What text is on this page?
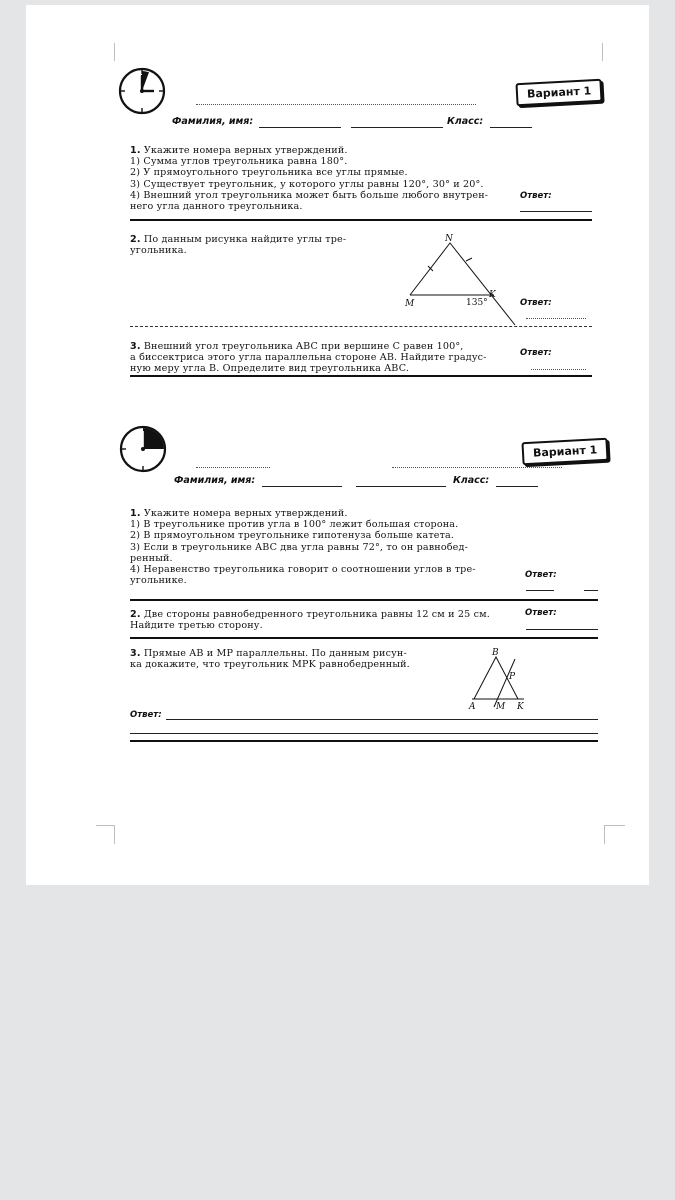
Вариант 1
Фамилия, имя:	Класс:
1. Укажите номера верных утверждений.
1) Сумма углов треугольника равна 180°.
2) У прямоугольного треугольника все углы прямые.
3) Существует треугольник, у которого углы равны 120°, 30° и 20°.
4) Внешний угол треугольника может быть больше любого внутрен-
него угла данного треугольника.
Ответ:
2. По данным рисунка найдите углы тре-
угольника.
N
M
K
135°	Ответ:
3. Внешний угол треугольника ABC при вершине C равен 100°,
а биссектриса этого угла параллельна стороне AB. Найдите градус-
ную меру угла B. Определите вид треугольника ABC.
Ответ:
Вариант 1
Фамилия, имя:	Класс:
1. Укажите номера верных утверждений.
1) В треугольнике против угла в 100° лежит большая сторона.
2) В прямоугольном треугольнике гипотенуза больше катета.
3) Если в треугольнике ABC два угла равны 72°, то он равнобед-
ренный.
4) Неравенство треугольника говорит о соотношении углов в тре-
угольнике.
Ответ:
2. Две стороны равнобедренного треугольника равны 12 см и 25 см.
Найдите третью сторону.
Ответ:
3. Прямые AB и MP параллельны. По данным рисун-
ка докажите, что треугольник MPK равнобедренный.
B
P
A M K
Ответ:
